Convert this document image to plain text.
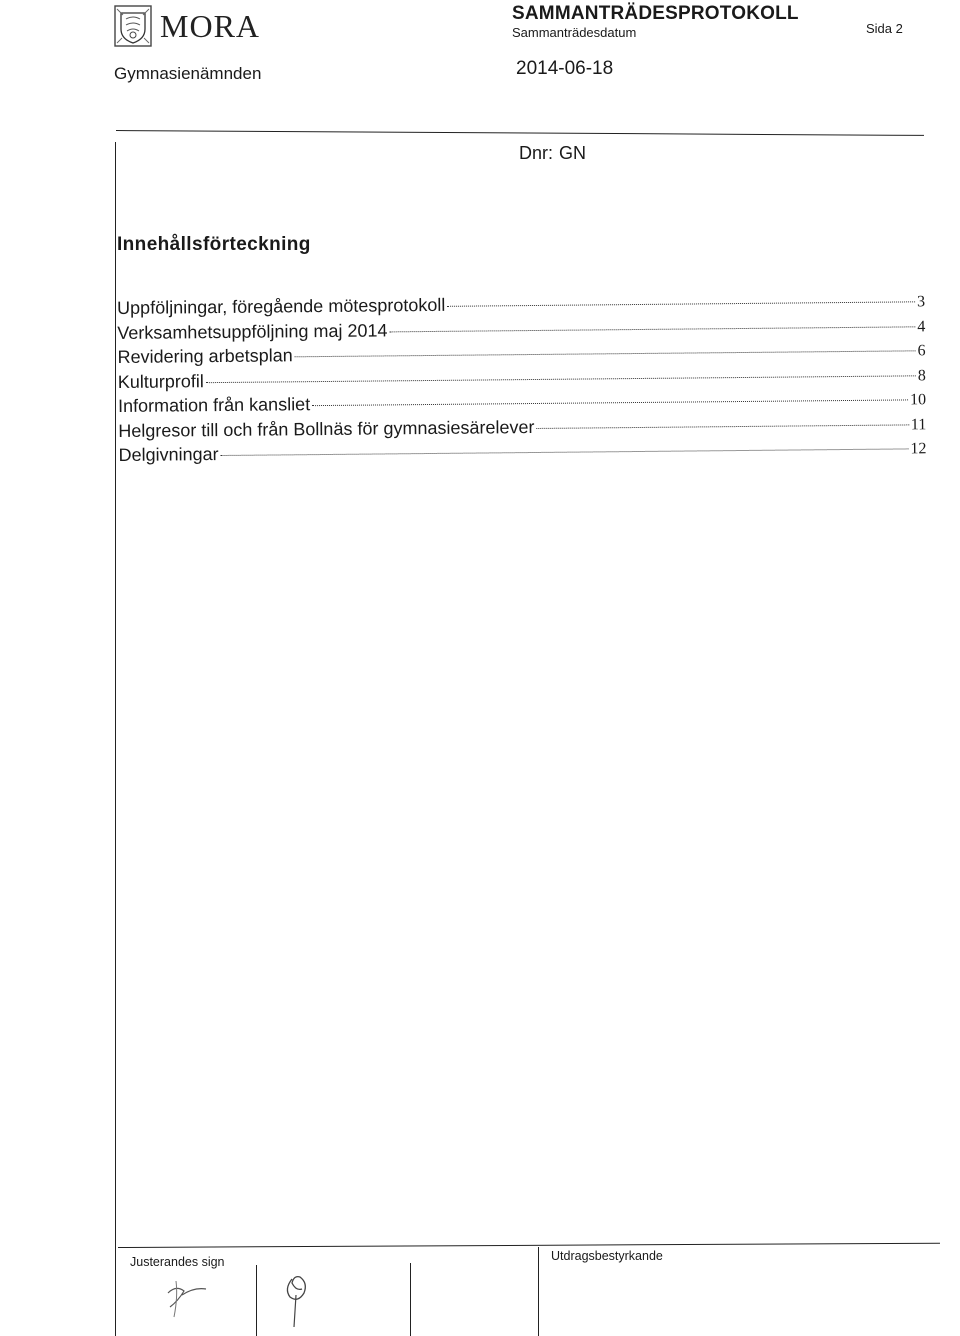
MORA
Gymnasienämnden
SAMMANTRÄDESPROTOKOLL
Sammanträdesdatum
2014-06-18
Sida 2
Dnr: GN
Innehållsförteckning
Uppföljningar, föregående mötesprotokoll	3
Verksamhetsuppföljning maj 2014	4
Revidering arbetsplan	6
Kulturprofil	8
Information från kansliet	10
Helgresor till och från Bollnäs för gymnasiesärelever	11
Delgivningar	12
Justerandes sign	Utdragsbestyrkande
